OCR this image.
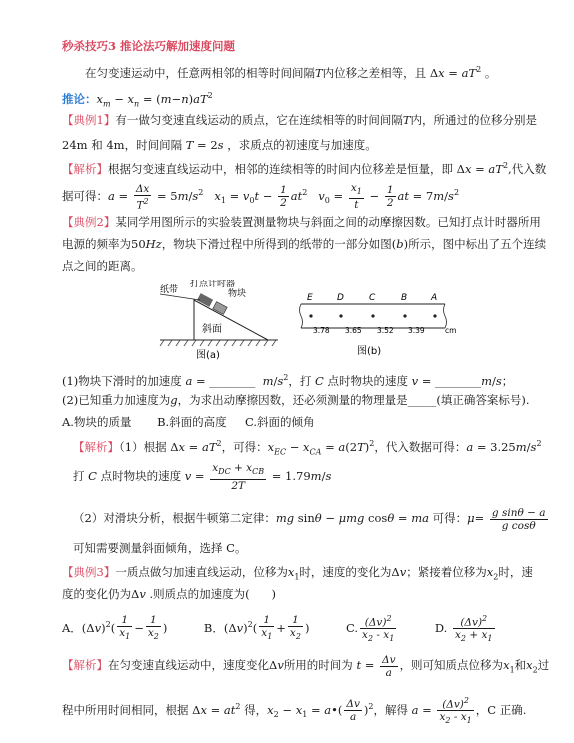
秒杀技巧3 推论法巧解加速度问题
在匀变速运动中，任意两相邻的相等时间间隔T内位移之差相等，且 $\Delta x = aT^2$ 。
推论：$x_m - x_n = (m-n)aT^2$
【典例1】有一做匀变速直线运动的质点，它在连续相等的时间间隔T内，所通过的位移分别是
24m 和 4m，时间间隔 T = 2s ，求质点的初速度与加速度。
【解析】根据匀变速直线运动中，相邻的连续相等的时间内位移差是恒量，即 $\Delta x = aT^2$,代入数
据可得：$a = \frac{\Delta x}{T^2} = 5m/s^2$ $x_1 = v_0t - \frac{1}{2} at^2$ $v_0 = \frac{x_1}{t} - \frac{1}{2}$ at = $7m/s^2$
【典例2】某同学用图所示的实验装置测量物块与斜面之间的动摩擦因数。已知打点计时器所用
电源的频率为50Hz，物块下滑过程中所得到的纸带的一部分如图(b)所示，图中标出了五个连续
点之间的距离。
纸带
打点计时器
物块
斜面
图(a)
E	D	C	B	A
3.78 3.65 3.52 3.39	cm
图(b)
(1)物块下滑时的加速度 a = ________  $m/s^2$，打 C 点时物块的速度 v = ________m/s；
(2)已知重力加速度为g，为求出动摩擦因数，还必须测量的物理量是_____(填正确答案标号).
A.物块的质量 B.斜面的高度 C.斜面的倾角
【解析】（1）根据 $\Delta x = aT^2$，可得：$x_{EC} - x_{CA} = a(2T)^2$，代入数据可得：$a = 3.25m/s^2$
打 C 点时物块的速度 $v = \frac{x_{DC} + x_{CB}}{2T} = 1.79m/s$
（2）对滑块分析，根据牛顿第二定律：mg sinθ − μmg cosθ = ma 可得：$\mu= \frac{\text{g sinθ − a}}{\text{g cosθ}}$
可知需要测量斜面倾角，选择 C。
【典例3】一质点做匀加速直线运动，位移为$x_1$时，速度的变化为Δv；紧接着位移为$x_2$时，速
度的变化仍为Δv .则质点的加速度为(      )
A．$(\Delta v)^2( \frac{1}{x_1} - \frac{1}{x_2}$ )          B．$(\Delta v)^2( \frac{1}{x_1} + \frac{1}{x_2}$ )          C. $\frac{(\Delta v)^2}{x_2 - x_1} D$. $\frac{(\Delta v)^2}{x_2 + x_1}$
【解析】在匀变速直线运动中，速度变化Δv所用的时间为 $t = \frac{\Delta v}{a}$ ，则可知质点位移为$x_1$和$x_2$过
程中所用时间相同，根据 $\Delta x = at^2$ 得，$x_2 - x_1$ = a•( $\frac{\Delta v}{a} )^2$，解得 $a = \frac{(\Delta v)^2}{x_2 - x_1}$ ，C 正确.
